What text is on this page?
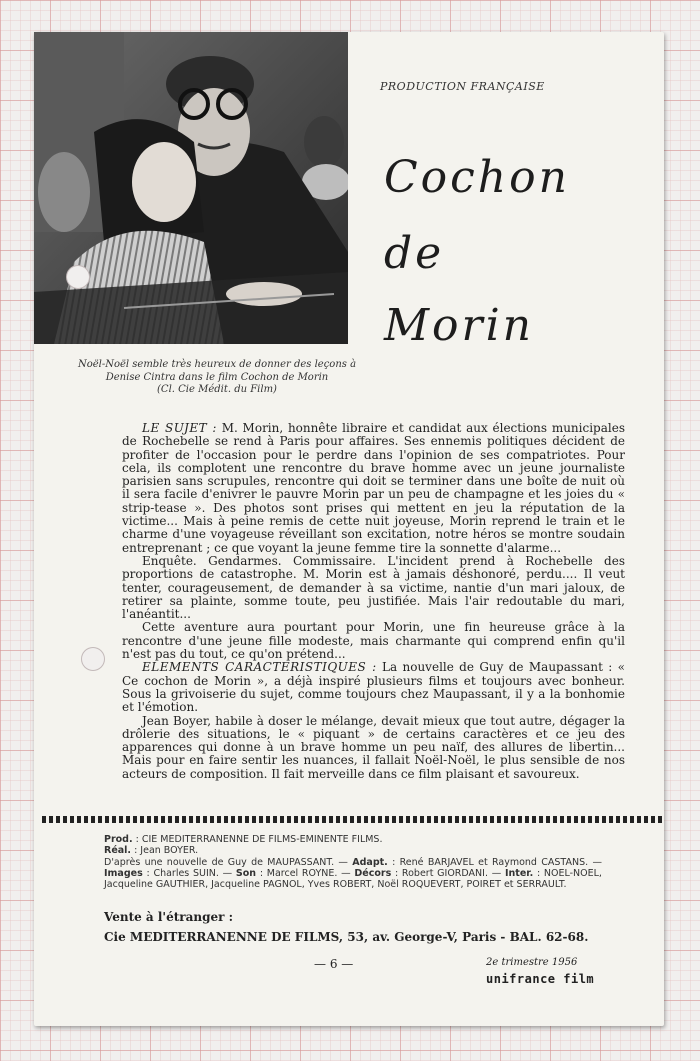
Noël-Noël semble très heureux de donner des leçons à Denise Cintra dans le film Cochon de Morin
(Cl. Cie Médit. du Film)
PRODUCTION FRANÇAISE
Cochon
de
Morin

LE SUJET : M. Morin, honnête libraire et candidat aux élections municipales de Rochebelle se rend à Paris pour affaires. Ses ennemis politiques décident de profiter de l'occasion pour le perdre dans l'opinion de ses compatriotes. Pour cela, ils complotent une rencontre du brave homme avec un jeune journaliste parisien sans scrupules, rencontre qui doit se terminer dans une boîte de nuit où il sera facile d'enivrer le pauvre Morin par un peu de champagne et les joies du « strip-tease ». Des photos sont prises qui mettent en jeu la réputation de la victime... Mais à peine remis de cette nuit joyeuse, Morin reprend le train et le charme d'une voyageuse réveillant son excitation, notre héros se montre soudain entreprenant ; ce que voyant la jeune femme tire la sonnette d'alarme...

Enquête. Gendarmes. Commissaire. L'incident prend à Rochebelle des proportions de catastrophe. M. Morin est à jamais déshonoré, perdu.... Il veut tenter, courageusement, de demander à sa victime, nantie d'un mari jaloux, de retirer sa plainte, somme toute, peu justifiée. Mais l'air redoutable du mari, l'anéantit...

Cette aventure aura pourtant pour Morin, une fin heureuse grâce à la rencontre d'une jeune fille modeste, mais charmante qui comprend enfin qu'il n'est pas du tout, ce qu'on prétend...

ELEMENTS CARACTERISTIQUES : La nouvelle de Guy de Maupassant : « Ce cochon de Morin », a déjà inspiré plusieurs films et toujours avec bonheur. Sous la grivoiserie du sujet, comme toujours chez Maupassant, il y a la bonhomie et l'émotion.

Jean Boyer, habile à doser le mélange, devait mieux que tout autre, dégager la drôlerie des situations, le « piquant » de certains caractères et ce jeu des apparences qui donne à un brave homme un peu naïf, des allures de libertin... Mais pour en faire sentir les nuances, il fallait Noël-Noël, le plus sensible de nos acteurs de composition. Il fait merveille dans ce film plaisant et savoureux.

Prod. : CIE MEDITERRANENNE DE FILMS-EMINENTE FILMS.
Réal. : Jean BOYER.
D'après une nouvelle de Guy de MAUPASSANT. — Adapt. : René BARJAVEL et Raymond CASTANS. — Images : Charles SUIN. — Son : Marcel ROYNE. — Décors : Robert GIORDANI. — Inter. : NOEL-NOEL, Jacqueline GAUTHIER, Jacqueline PAGNOL, Yves ROBERT, Noël ROQUEVERT, POIRET et SERRAULT.
Vente à l'étranger :
Cie MEDITERRANENNE DE FILMS, 53, av. George-V, Paris - BAL. 62-68.
— 6 —	2e trimestre 1956
unifrance film
